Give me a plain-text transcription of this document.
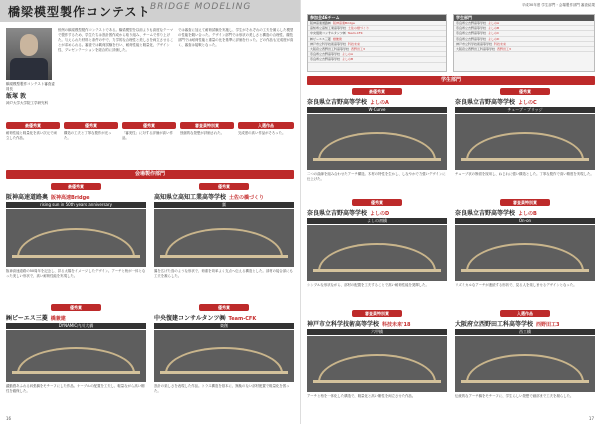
橋梁模型製作コンテスト BRIDGE MODELING
橋梁模型製作コンテスト審査委員長
飯塚 敦
神戸大学大学院工学研究科
恒例の橋梁模型製作コンテストである。橋梁模型を以前よりも高度なテーマで製作するため、学生たちは設計図作成から取り組み、チームで作り上げた。与えられた材料と条件の中で、力学的な合理性と美しさを両立させることが求められる。審査では載荷試験を行い、耐荷性能と軽量化、デザイン性、プレゼンテーションを総合的に評価した。
では審査に加えて耐荷試験を実施し、学生がそれぞれの工夫を凝らした模型の性能を競い合った。デザイン部門では形状の美しさと構造の合理性、競技部門では耐荷性能と重量の比を基準に評価を行った。どの作品も完成度が高く、審査は接戦となった。
最優秀賞
耐荷性能と軽量化を高い次元で両立した作品。
優秀賞
構造の工夫と丁寧な製作が光った。
優秀賞
「審美性」に対する評価が高い作品。
審査員特別賞
独創的な発想が評価された。
入選作品
完成度の高い作品がそろった。
会場製作部門
最優秀賞
阪神高速道路奥 阪神高速Bridge
rising sun in 50th years anniversary
阪神高速道路の50周年を記念し、昇る太陽をイメージしたデザイン。アーチと桁が一体となった美しい形状で、高い耐荷性能を実現した。
優秀賞
高知県立高知工業高等学校 土佐の橋づくり
翼
翼を広げた鳥のような形状で、荷重を効率よく支点へ伝える構造とした。部材の接合部にも工夫を凝らした。
優秀賞
㈱ピーエス三菱 橋兼建
DYNAMIC内川大橋
躍動感あふれる斜張橋をモチーフにした作品。ケーブルの配置を工夫し、軽量ながら高い剛性を確保した。
優秀賞
中央復建コンサルタンツ㈱ Team-CFK
楽創
設計の楽しさを表現した作品。トラス構造を基本に、無駄のない部材配置で軽量化を図った。
16
平成30年度 学生部門・会場製作部門 審査結果
参加全46チーム
阪神高速道路㈱ 阪神高速Bridge
高知県立高知工業高等学校 土佐の橋づくり
中央復建コンサルタンツ㈱ Team-CFK
㈱ピーエス三菱 橋兼建
神戸市立科学技術高等学校 科技未来
大阪府立西野田工科高等学校 西野田工3
奈良県立吉野高等学校 よしのA
奈良県立吉野高等学校 よしのB
学生部門
奈良県立吉野高等学校 よしのA
奈良県立吉野高等学校 よしのB
奈良県立吉野高等学校 よしのC
奈良県立吉野高等学校 よしのD
神戸市立科学技術高等学校 科技未来
大阪府立西野田工科高等学校 西野田工3
学生部門
最優秀賞
奈良県立吉野高等学校 よしのA
W-Curve
二つの曲線を組み合わせたアーチ構造。木材の特性を生かし、しなやかで力強いデザインに仕上げた。
優秀賞
奈良県立吉野高等学校 よしのC
チューブ・ブリッジ
チューブ状の断面を採用し、ねじれに強い構造とした。丁寧な製作で高い精度を実現した。
優秀賞
奈良県立吉野高等学校 よしのD
よしの初橋
シンプルな形状ながら、部材の配置を工夫することで高い耐荷性能を発揮した。
審査員特別賞
奈良県立吉野高等学校 よしのB
On-on
リズミカルなアーチが連続する形状で、見る人を楽しませるデザインとなった。
審査員特別賞
神戸市立科学技術高等学校 科技未来'18
六甲橋
アーチと桁を一体化した構造で、軽量化と高い剛性を両立させた作品。
入選作品
大阪府立西野田工科高等学校 西野田工3
西工橋
伝統的なアーチ橋をモチーフに、学生らしい発想で細部まで工夫を凝らした。
17
